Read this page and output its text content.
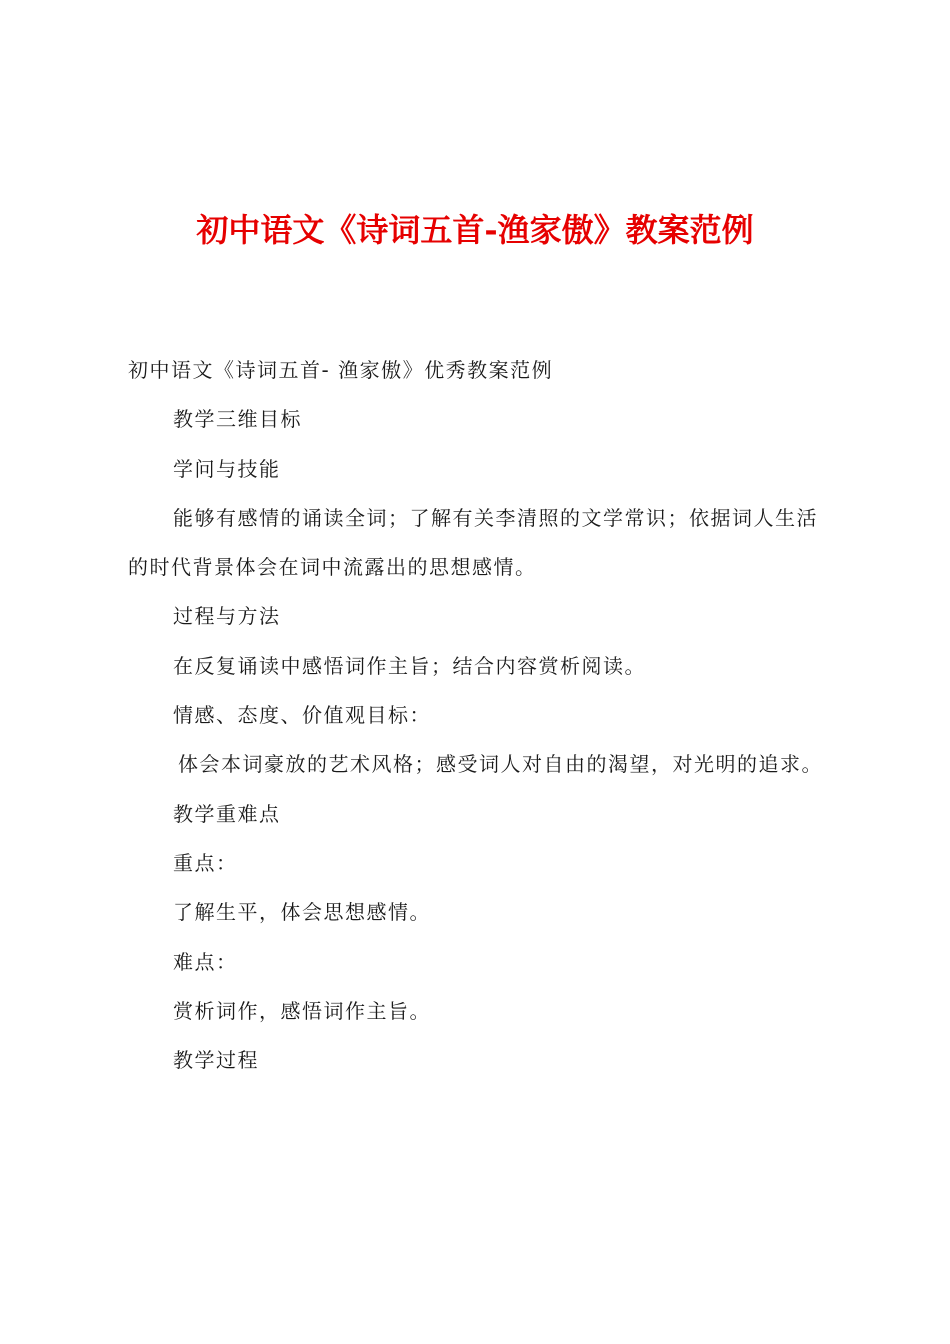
初中语文《诗词五首-渔家傲》教案范例

初中语文《诗词五首- 渔家傲》优秀教案范例

教学三维目标

学问与技能

能够有感情的诵读全词；了解有关李清照的文学常识；依据词人生活的时代背景体会在词中流露出的思想感情。

过程与方法

在反复诵读中感悟词作主旨；结合内容赏析阅读。

情感、态度、价值观目标：

体会本词豪放的艺术风格；感受词人对自由的渴望，对光明的追求。

教学重难点

重点：

了解生平，体会思想感情。

难点：

赏析词作，感悟词作主旨。

教学过程
